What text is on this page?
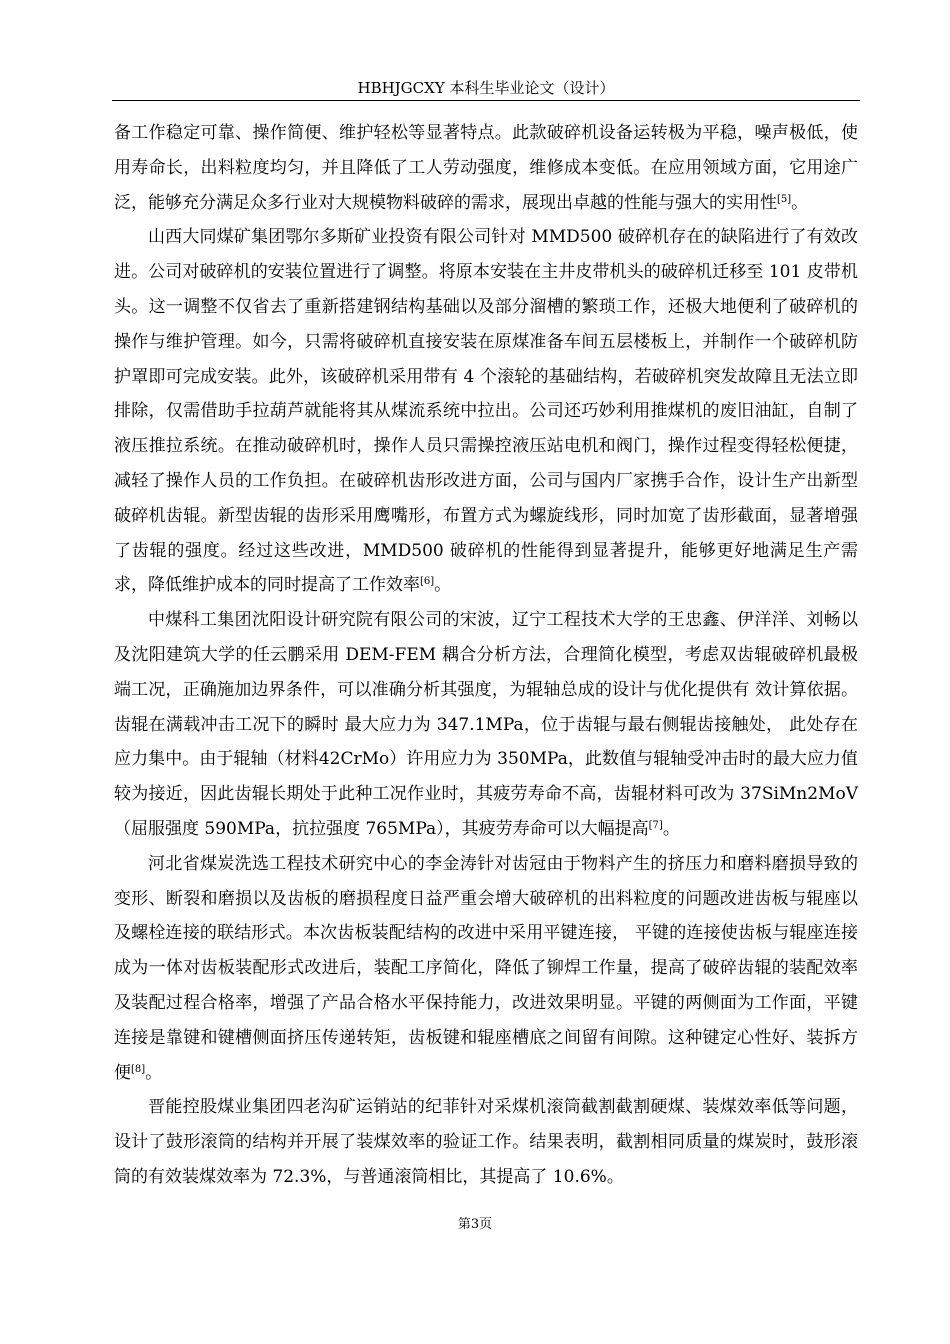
HBHJGCXY 本科生毕业论文（设计）

备工作稳定可靠、操作简便、维护轻松等显著特点。此款破碎机设备运转极为平稳，噪声极低，使用寿命长，出料粒度均匀，并且降低了工人劳动强度，维修成本变低。在应用领域方面，它用途广泛，能够充分满足众多行业对大规模物料破碎的需求，展现出卓越的性能与强大的实用性[5]。

山西大同煤矿集团鄂尔多斯矿业投资有限公司针对 MMD500 破碎机存在的缺陷进行了有效改进。公司对破碎机的安装位置进行了调整。将原本安装在主井皮带机头的破碎机迁移至 101 皮带机头。这一调整不仅省去了重新搭建钢结构基础以及部分溜槽的繁琐工作，还极大地便利了破碎机的操作与维护管理。如今，只需将破碎机直接安装在原煤准备车间五层楼板上，并制作一个破碎机防护罩即可完成安装。此外，该破碎机采用带有 4 个滚轮的基础结构，若破碎机突发故障且无法立即排除，仅需借助手拉葫芦就能将其从煤流系统中拉出。公司还巧妙利用推煤机的废旧油缸，自制了液压推拉系统。在推动破碎机时，操作人员只需操控液压站电机和阀门，操作过程变得轻松便捷，减轻了操作人员的工作负担。在破碎机齿形改进方面，公司与国内厂家携手合作，设计生产出新型破碎机齿辊。新型齿辊的齿形采用鹰嘴形，布置方式为螺旋线形，同时加宽了齿形截面，显著增强了齿辊的强度。经过这些改进，MMD500 破碎机的性能得到显著提升，能够更好地满足生产需求，降低维护成本的同时提高了工作效率[6]。

中煤科工集团沈阳设计研究院有限公司的宋波，辽宁工程技术大学的王忠鑫、伊洋洋、刘畅以及沈阳建筑大学的任云鹏采用 DEM-FEM 耦合分析方法，合理简化模型，考虑双齿辊破碎机最极端工况，正确施加边界条件，可以准确分析其强度，为辊轴总成的设计与优化提供有 效计算依据。齿辊在满载冲击工况下的瞬时 最大应力为 347.1MPa，位于齿辊与最右侧辊齿接触处， 此处存在应力集中。由于辊轴（材料42CrMo）许用应力为 350MPa，此数值与辊轴受冲击时的最大应力值较为接近，因此齿辊长期处于此种工况作业时，其疲劳寿命不高，齿辊材料可改为 37SiMn2MoV（屈服强度 590MPa，抗拉强度 765MPa），其疲劳寿命可以大幅提高[7]。

河北省煤炭洗选工程技术研究中心的李金涛针对齿冠由于物料产生的挤压力和磨料磨损导致的变形、断裂和磨损以及齿板的磨损程度日益严重会增大破碎机的出料粒度的问题改进齿板与辊座以及螺栓连接的联结形式。本次齿板装配结构的改进中采用平键连接， 平键的连接使齿板与辊座连接成为一体对齿板装配形式改进后，装配工序简化，降低了铆焊工作量，提高了破碎齿辊的装配效率及装配过程合格率，增强了产品合格水平保持能力，改进效果明显。平键的两侧面为工作面，平键连接是靠键和键槽侧面挤压传递转矩，齿板键和辊座槽底之间留有间隙。这种键定心性好、装拆方便[8]。

晋能控股煤业集团四老沟矿运销站的纪菲针对采煤机滚筒截割截割硬煤、装煤效率低等问题，设计了鼓形滚筒的结构并开展了装煤效率的验证工作。结果表明，截割相同质量的煤炭时，鼓形滚筒的有效装煤效率为 72.3%，与普通滚筒相比，其提高了 10.6%。

第3页
